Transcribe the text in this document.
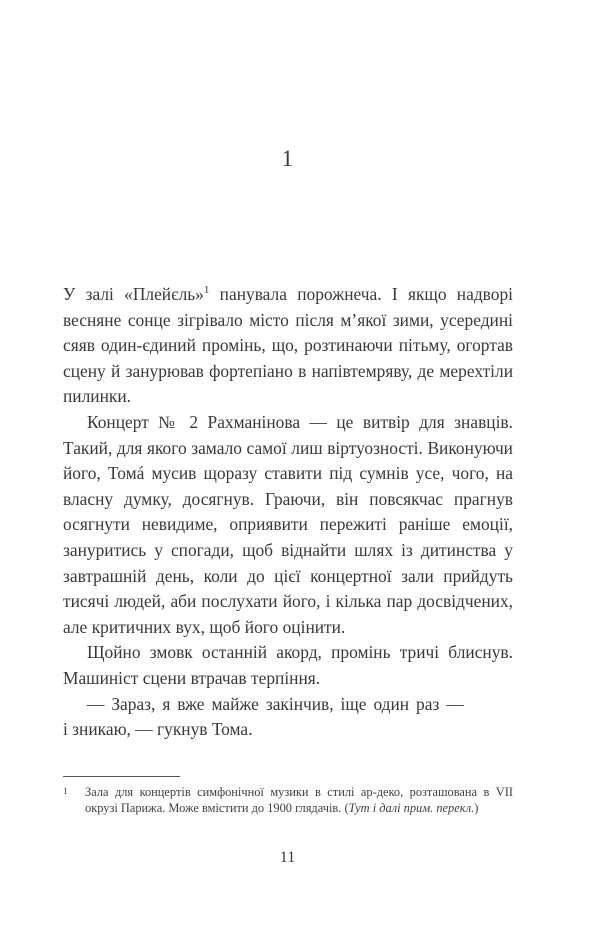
1

У залі «Плейєль»$^1$ панувала порожнеча. І якщо надворі весняне сонце зігрівало місто після м’якої зими, усередині сяяв один-єдиний промінь, що, розтинаючи пітьму, огортав сцену й занурював фортепіано в напівтемряву, де мерехтіли пилинки.

Концерт № 2 Рахманінова — це витвір для знавців. Такий, для якого замало самої лиш віртуозності. Виконуючи його, Томá мусив щоразу ставити під сумнів усе, чого, на власну думку, досягнув. Граючи, він повсякчас прагнув осягнути невидиме, оприявити пережиті раніше емоції, зануритись у спогади, щоб віднайти шлях із дитинства у завтрашній день, коли до цієї концертної зали прийдуть тисячі людей, аби послухати його, і кілька пар досвідчених, але критичних вух, щоб його оцінити.

Щойно змовк останній акорд, промінь тричі блиснув. Машиніст сцени втрачав терпіння.

— Зараз, я вже майже закінчив, іще один раз —
і зникаю, — гукнув Тома.

1	Зала для концертів симфонічної музики в стилі ар-деко, розташована в VII окрузі Парижа. Може вмістити до 1900 глядачів. (Тут і далі прим. перекл.)
11
